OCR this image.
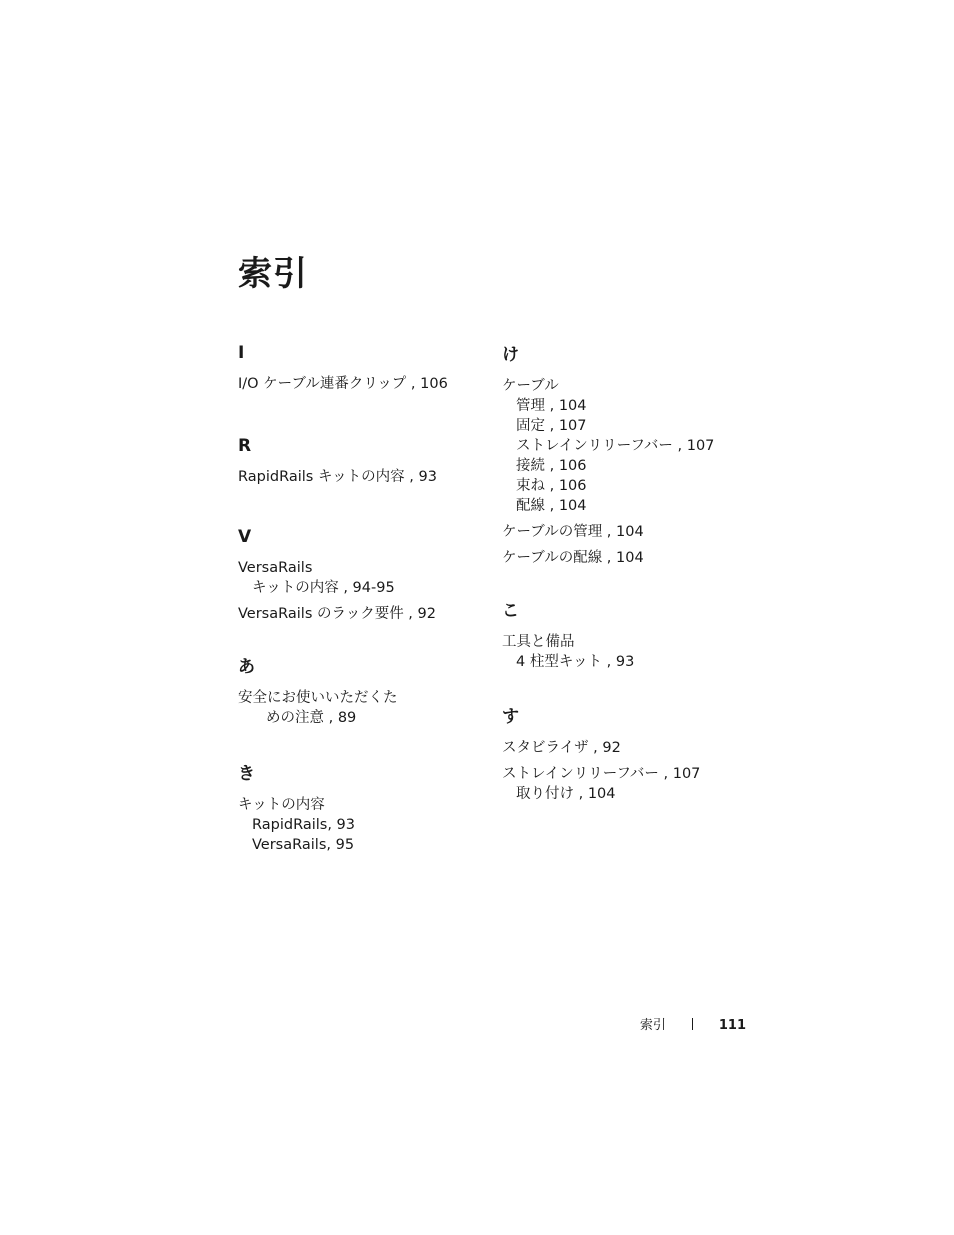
索引
I
I/O ケーブル連番クリップ , 106
R
RapidRails キットの内容 , 93
V
VersaRails
キットの内容 , 94-95
VersaRails のラック要件 , 92
あ
安全にお使いいただくた
めの注意 , 89
き
キットの内容
RapidRails, 93
VersaRails, 95
け
ケーブル
管理 , 104
固定 , 107
ストレインリリーフバー , 107
接続 , 106
束ね , 106
配線 , 104
ケーブルの管理 , 104
ケーブルの配線 , 104
こ
工具と備品
4 柱型キット , 93
す
スタビライザ , 92
ストレインリリーフバー , 107
取り付け , 104
索引	111
